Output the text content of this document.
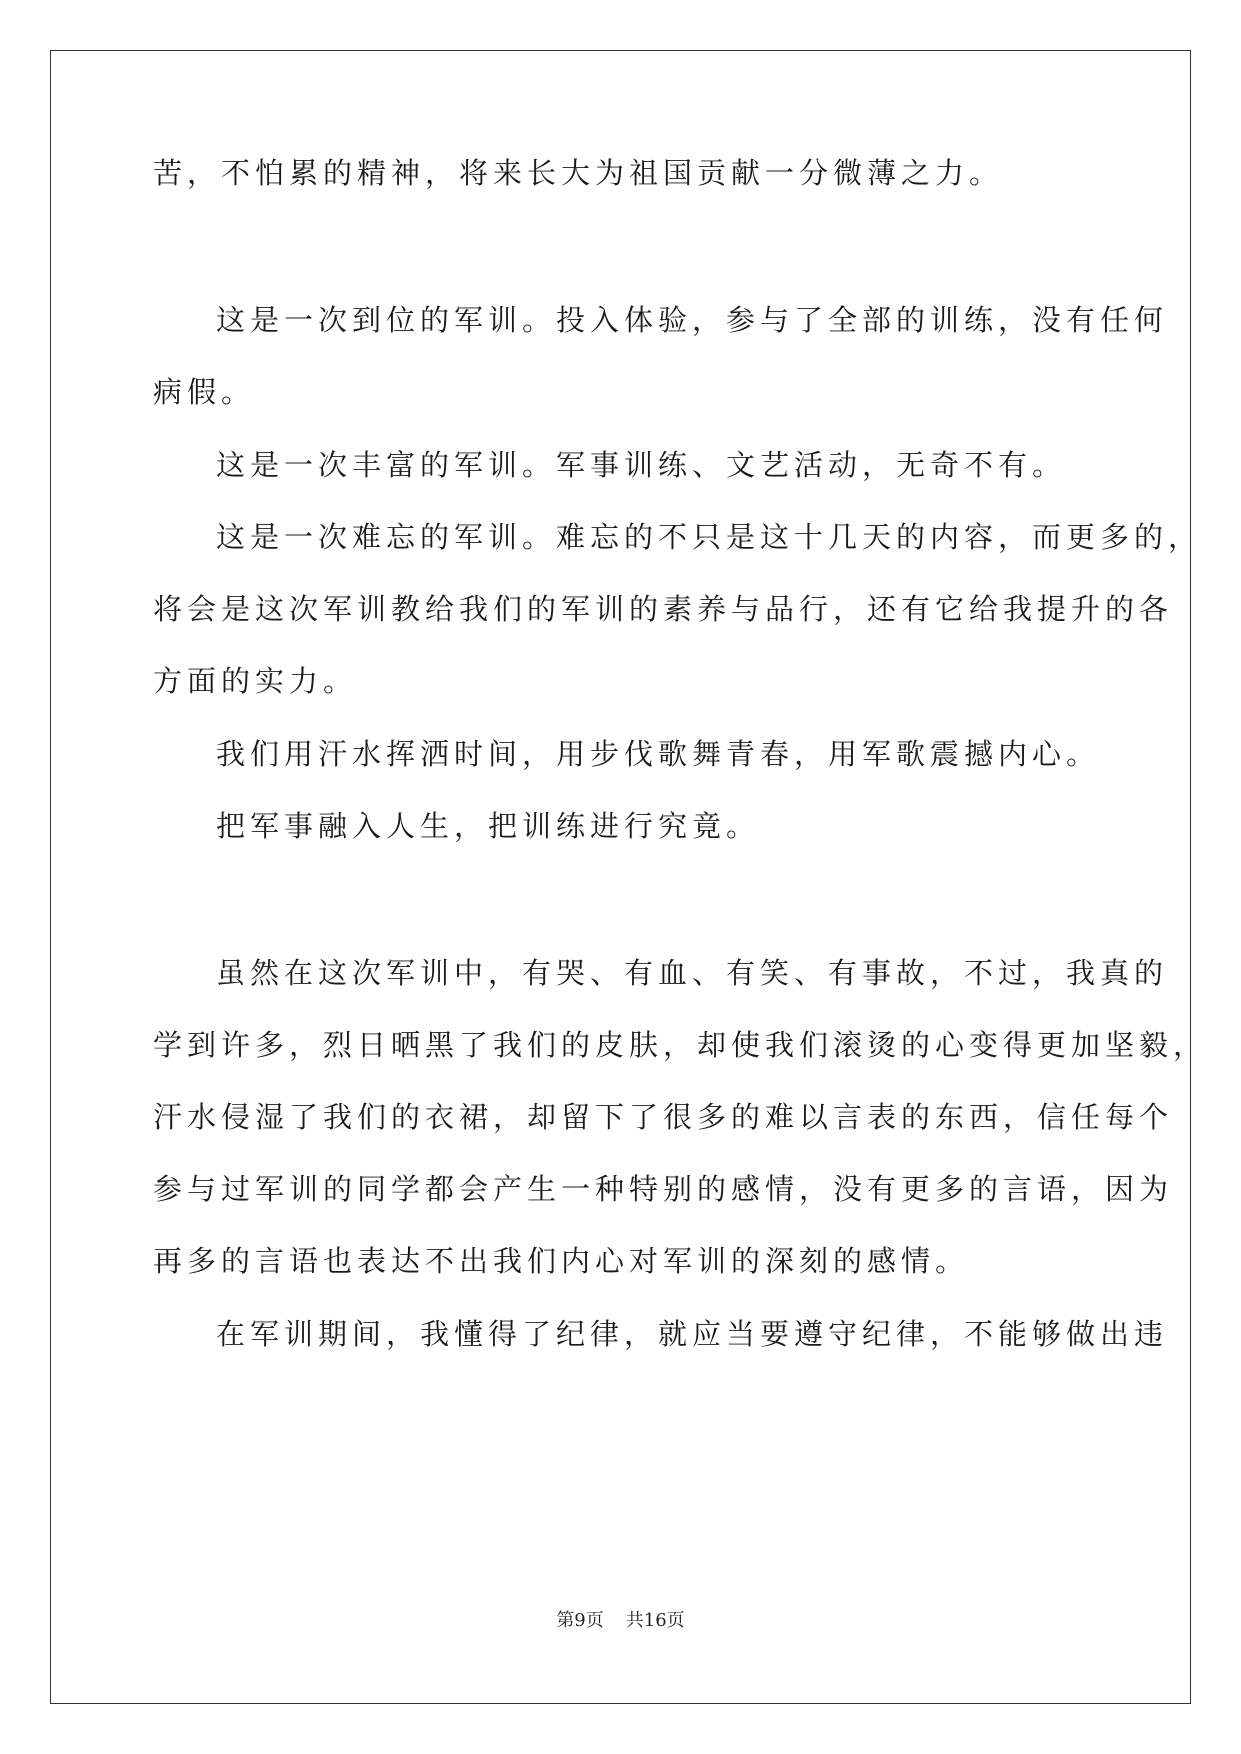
苦，不怕累的精神，将来长大为祖国贡献一分微薄之力。
这是一次到位的军训。投入体验，参与了全部的训练，没有任何
病假。
这是一次丰富的军训。军事训练、文艺活动，无奇不有。
这是一次难忘的军训。难忘的不只是这十几天的内容，而更多的，
将会是这次军训教给我们的军训的素养与品行，还有它给我提升的各
方面的实力。
我们用汗水挥洒时间，用步伐歌舞青春，用军歌震撼内心。
把军事融入人生，把训练进行究竟。
虽然在这次军训中，有哭、有血、有笑、有事故，不过，我真的
学到许多，烈日晒黑了我们的皮肤，却使我们滚烫的心变得更加坚毅，
汗水侵湿了我们的衣裙，却留下了很多的难以言表的东西，信任每个
参与过军训的同学都会产生一种特别的感情，没有更多的言语，因为
再多的言语也表达不出我们内心对军训的深刻的感情。
在军训期间，我懂得了纪律，就应当要遵守纪律，不能够做出违
第9页 共16页
